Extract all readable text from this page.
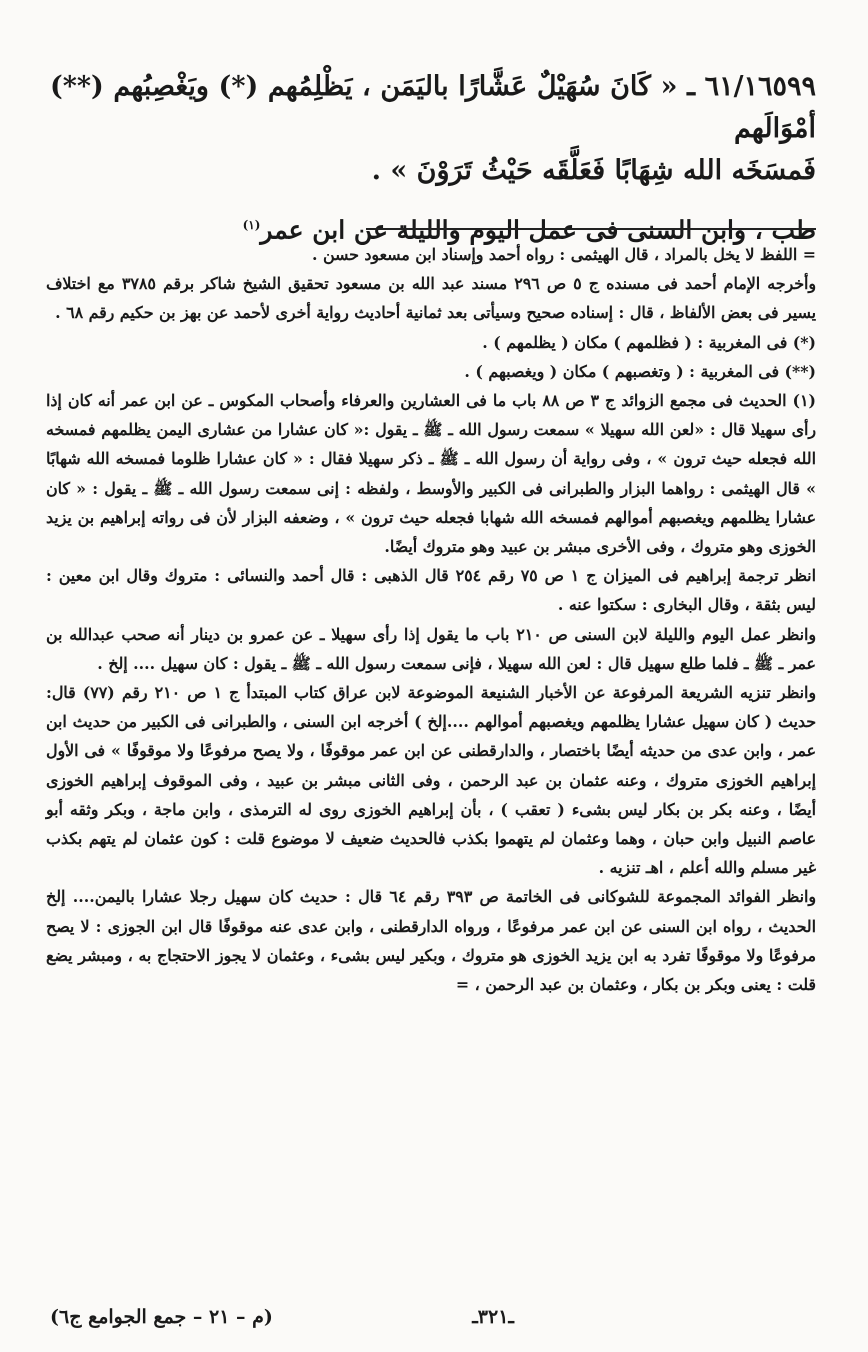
٦١/١٦٥٩٩ ـ « كَانَ سُهَيْلٌ عَشَّارًا باليَمَن ، يَظْلِمُهم (*) ويَغْصِبُهم (**) أمْوَالَهم

فَمسَخَه الله شِهَابًا فَعَلَّقَه حَيْثُ تَرَوْنَ » .

طب ، وابن السنى فى عمل اليوم والليلة عن ابن عمر$^{(١)}$

= اللفظ لا يخل بالمراد ، قال الهيثمى : رواه أحمد وإسناد ابن مسعود حسن .

وأخرجه الإمام أحمد فى مسنده ج ٥ ص ٢٩٦ مسند عبد الله بن مسعود تحقيق الشيخ شاكر برقم ٣٧٨٥ مع اختلاف يسير فى بعض الألفاظ ، قال : إسناده صحيح وسيأتى بعد ثمانية أحاديث رواية أخرى لأحمد عن بهز بن حكيم رقم ٦٨ .

(*) فى المغربية : ( فظلمهم ) مكان ( يظلمهم ) .

(**) فى المغربية : ( وتغصبهم ) مكان ( ويغصبهم ) .

(١) الحديث فى مجمع الزوائد ج ٣ ص ٨٨ باب ما فى العشارين والعرفاء وأصحاب المكوس ـ عن ابن عمر أنه كان إذا رأى سهيلا قال : «لعن الله سهيلا » سمعت رسول الله ـ ﷺ ـ يقول :« كان عشارا من عشارى اليمن يظلمهم فمسخه الله فجعله حيث ترون » ، وفى رواية أن رسول الله ـ ﷺ ـ ذكر سهيلا فقال : « كان عشارا ظلوما فمسخه الله شهابًا » قال الهيثمى : رواهما البزار والطبرانى فى الكبير والأوسط ، ولفظه : إنى سمعت رسول الله ـ ﷺ ـ يقول : « كان عشارا يظلمهم ويغصبهم أموالهم فمسخه الله شهابا فجعله حيث ترون » ، وضعفه البزار لأن فى رواته إبراهيم بن يزيد الخوزى وهو متروك ، وفى الأخرى مبشر بن عبيد وهو متروك أيضًا.

انظر ترجمة إبراهيم فى الميزان ج ١ ص ٧٥ رقم ٢٥٤ قال الذهبى : قال أحمد والنسائى : متروك وقال ابن معين : ليس بثقة ، وقال البخارى : سكتوا عنه .

وانظر عمل اليوم والليلة لابن السنى ص ٢١٠ باب ما يقول إذا رأى سهيلا ـ عن عمرو بن دينار أنه صحب عبدالله بن عمر ـ ﷺ ـ فلما طلع سهيل قال : لعن الله سهيلا ، فإنى سمعت رسول الله ـ ﷺ ـ يقول : كان سهيل .... إلخ .

وانظر تنزيه الشريعة المرفوعة عن الأخبار الشنيعة الموضوعة لابن عراق كتاب المبتدأ ج ١ ص ٢١٠ رقم (٧٧) قال: حديث ( كان سهيل عشارا يظلمهم ويغصبهم أموالهم ....إلخ ) أخرجه ابن السنى ، والطبرانى فى الكبير من حديث ابن عمر ، وابن عدى من حديثه أيضًا باختصار ، والدارقطنى عن ابن عمر موقوفًا ، ولا يصح مرفوعًا ولا موقوفًا » فى الأول إبراهيم الخوزى متروك ، وعنه عثمان بن عبد الرحمن ، وفى الثانى مبشر بن عبيد ، وفى الموقوف إبراهيم الخوزى أيضًا ، وعنه بكر بن بكار ليس بشىء ( تعقب ) ، بأن إبراهيم الخوزى روى له الترمذى ، وابن ماجة ، وبكر وثقه أبو عاصم النبيل وابن حبان ، وهما وعثمان لم يتهموا بكذب فالحديث ضعيف لا موضوع قلت : كون عثمان لم يتهم بكذب غير مسلم والله أعلم ، اهـ تنزيه .

وانظر الفوائد المجموعة للشوكانى فى الخاتمة ص ٣٩٣ رقم ٦٤ قال : حديث كان سهيل رجلا عشارا باليمن.... إلخ الحديث ، رواه ابن السنى عن ابن عمر مرفوعًا ، ورواه الدارقطنى ، وابن عدى عنه موقوفًا قال ابن الجوزى : لا يصح مرفوعًا ولا موقوفًا تفرد به ابن يزيد الخوزى هو متروك ، وبكير ليس بشىء ، وعثمان لا يجوز الاحتجاج به ، ومبشر يضع قلت : يعنى وبكر بن بكار ، وعثمان بن عبد الرحمن ، =

ـ٣٢١ـ
(م – ٢١ – جمع الجوامع ج٦)
